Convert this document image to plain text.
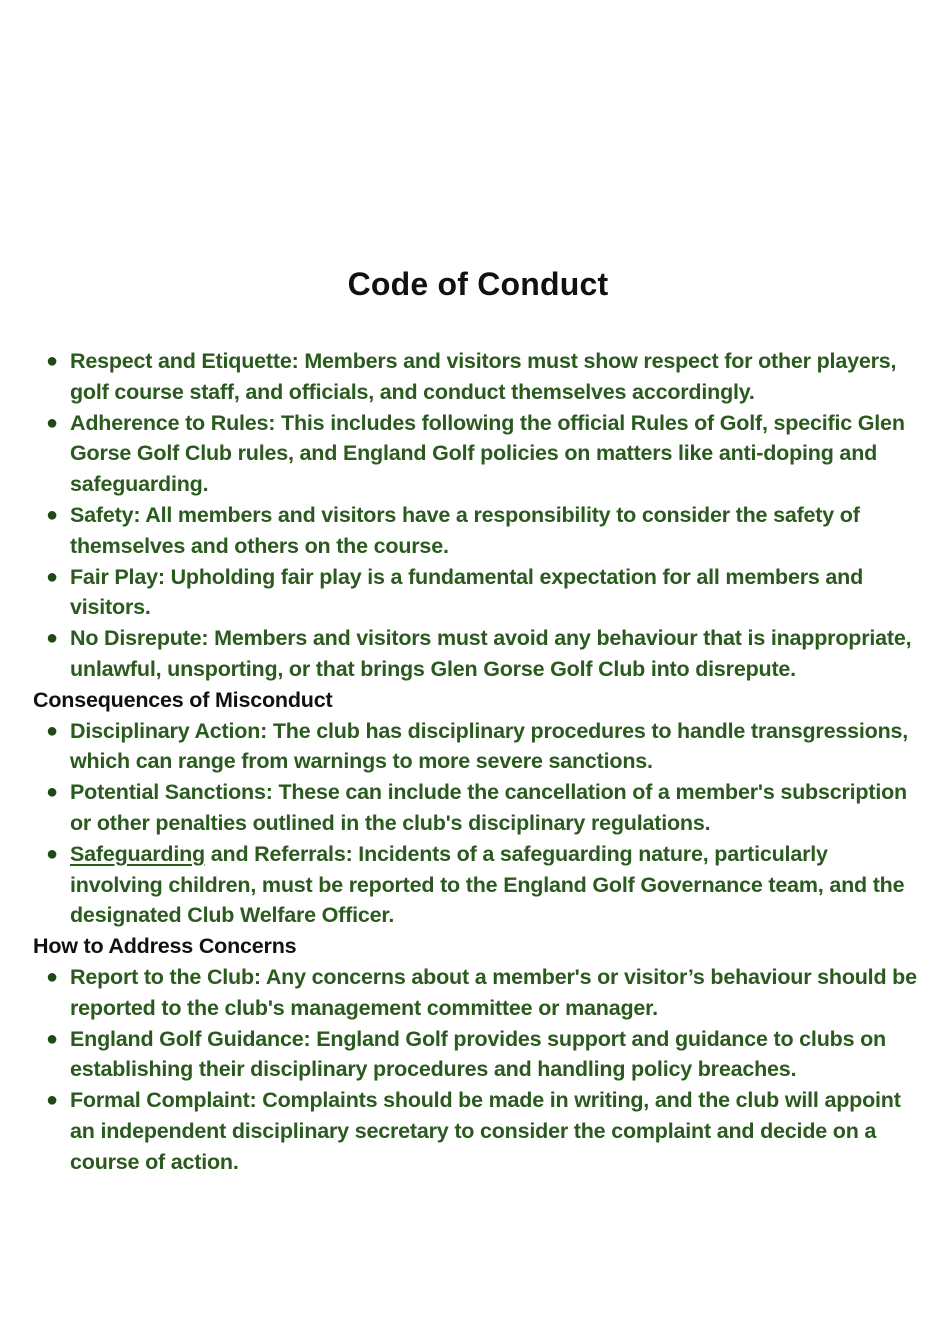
Code of Conduct
● Respect and Etiquette: Members and visitors must show respect for other players, golf course staff, and officials, and conduct themselves accordingly.
● Adherence to Rules: This includes following the official Rules of Golf, specific Glen Gorse Golf Club rules, and England Golf policies on matters like anti-doping and safeguarding.
● Safety: All members and visitors have a responsibility to consider the safety of themselves and others on the course.
● Fair Play: Upholding fair play is a fundamental expectation for all members and visitors.
● No Disrepute: Members and visitors must avoid any behaviour that is inappropriate, unlawful, unsporting, or that brings Glen Gorse Golf Club into disrepute.
Consequences of Misconduct
● Disciplinary Action: The club has disciplinary procedures to handle transgressions, which can range from warnings to more severe sanctions.
● Potential Sanctions: These can include the cancellation of a member's subscription or other penalties outlined in the club's disciplinary regulations.
● Safeguarding and Referrals: Incidents of a safeguarding nature, particularly involving children, must be reported to the England Golf Governance team, and the designated Club Welfare Officer.
How to Address Concerns
● Report to the Club: Any concerns about a member's or visitor’s behaviour should be reported to the club's management committee or manager.
● England Golf Guidance: England Golf provides support and guidance to clubs on establishing their disciplinary procedures and handling policy breaches.
● Formal Complaint: Complaints should be made in writing, and the club will appoint an independent disciplinary secretary to consider the complaint and decide on a course of action.
